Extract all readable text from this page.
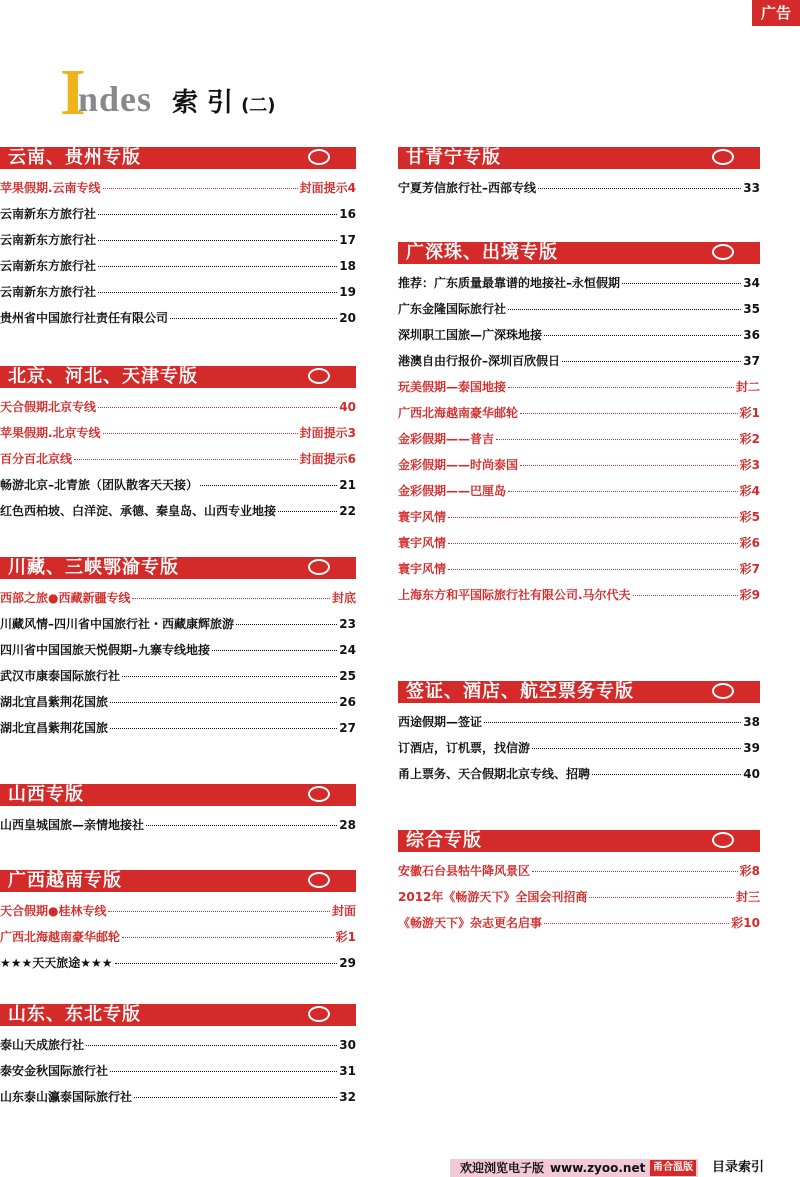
广告
I
ndes 索 引 (二)
云南、贵州专版
苹果假期.云南专线	封面提示4
云南新东方旅行社	16
云南新东方旅行社	17
云南新东方旅行社	18
云南新东方旅行社	19
贵州省中国旅行社责任有限公司	20
北京、河北、天津专版
天合假期北京专线	40
苹果假期.北京专线	封面提示3
百分百北京线	封面提示6
畅游北京–北青旅（团队散客天天接）	21
红色西柏坡、白洋淀、承德、秦皇岛、山西专业地接	22
川藏、三峡鄂渝专版
西部之旅●西藏新疆专线	封底
川藏风情–四川省中国旅行社・西藏康辉旅游	23
四川省中国国旅天悦假期–九寨专线地接	24
武汉市康泰国际旅行社	25
湖北宜昌紫荆花国旅	26
湖北宜昌紫荆花国旅	27
山西专版
山西皇城国旅—亲情地接社	28
广西越南专版
天合假期●桂林专线	封面
广西北海越南豪华邮轮	彩1
★★★天天旅途★★★	29
山东、东北专版
泰山天成旅行社	30
泰安金秋国际旅行社	31
山东泰山瀛泰国际旅行社	32
甘青宁专版
宁夏芳信旅行社–西部专线	33
广深珠、出境专版
推荐：广东质量最靠谱的地接社–永恒假期	34
广东金隆国际旅行社	35
深圳职工国旅—广深珠地接	36
港澳自由行报价–深圳百欣假日	37
玩美假期—泰国地接	封二
广西北海越南豪华邮轮	彩1
金彩假期——普吉	彩2
金彩假期——时尚泰国	彩3
金彩假期——巴厘岛	彩4
寰宇风情	彩5
寰宇风情	彩6
寰宇风情	彩7
上海东方和平国际旅行社有限公司.马尔代夫	彩9
签证、酒店、航空票务专版
西途假期—签证	38
订酒店，订机票，找信游	39
甬上票务、天合假期北京专线、招聘	40
综合专版
安徽石台县牯牛降风景区	彩8
2012年《畅游天下》全国会刊招商	封三
《畅游天下》杂志更名启事	彩10
欢迎浏览电子版 www.zyoo.net 甬合温版 目录索引
